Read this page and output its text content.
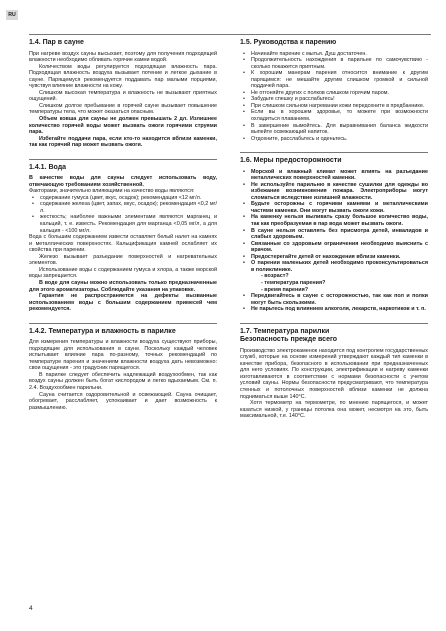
RU
1.4. Пар в сауне

При нагреве воздух сауны высыхает, поэтому для получения подходящей влажности необходимо обливать горячие камни водой.

Количеством воды регулируется подходящая влажность пара. Подходящая влажность воздуха вызывает потение и легкое дыхание в сауне. Парящемуся рекомендуется поддавать пар малыми порциями, чувствуя влияние влажности на кожу.

Слишком высокая температура и влажность не вызывают приятных ощущений.

Слишком долгое пребывание в горячей сауне вызывает повышение температуры тела, что может оказаться опасным.

Объем ковша для сауны не должен превышать 2 дл. Излишнее количество горячей воды может вызвать ожоги горячими струями пара.

Избегайте поддачи пара, если кто-то находится вблизи каменки, так как горячий пар может вызвать ожоги.

1.4.1. Вода

В качестве воды для сауны следует использовать воду, отвечающую требованиям хозяйственной.

Факторами, значительно влияющими на качество воды являются:

• содержание гумуса (цвет, вкус, осадок); рекомендация <12 мг/л.
• содержание железа (цвет, запах, вкус, осадок); рекомендация <0,2 мг/л.
• жесткость; наиболее важными элементами являются марганец и кальций, т. е. известь. Рекомендация для марганца <0,05 мг/л, а для кальция - <100 мг/л.

Вода с большим содержанием извести оставляет белый налет на камнях и металлических поверхностях. Кальцификация камней ослабляет их свойства при парении.

Железо вызывает разъедание поверхностей и нагревательных элементов.

Использование воды с содержанием гумуса и хлора, а также морской воды запрещается.

В воде для сауны можно использовать только предназначенные для этого ароматизаторы. Соблюдайте указания на упаковке.

Гарантия не распространяется на дефекты вызванные использованием воды с большим содержанием примесей чем рекомендуется.

1.4.2. Температура и влажность в парилке

Для измерения температуры и влажности воздуха существуют приборы, подходящие для использования в сауне. Поскольку каждый человек испытывает влияние пара по-разному, точных рекомендаций по температуре парения и значениям влажности воздуха дать невозможно: свои ощущения - это градусник парящегося.

В парилке следует обеспечить надлежащий воздухообмен, так как воздух сауны должен быть богат кислородом и легко вдыхаемым. См. п. 2.4. Воздухообмен парильни.

Сауна считается оздоровительной и освежающей. Сауна очищает, обогревает, расслабляет, успокаивает и дает возможность к размышлению.

1.5. Руководства к парению
• Начинайте парение с мытья. Душ достаточен.
• Продолжительность нахождения в парильне по самочувствию - сколько покажется приятным.
• К хорошим манерам парения относится внимание к другим парящимся: не мешайте другим слишком громкой и сильной поддачей пара.
• Не отгоняйте других с полков слишком горячим паром.
• Забудьте спешку и расслабьтесь!
• При слишком сильном нагревании кожи передохните в предбаннике.
• Если вы в хорошем здоровье, то можете при возможности охладиться плаванием.
• В завершение вымойтесь. Для выравнивания баланса жидкости выпейте освежающий напиток.
• Отдохните, расслабьтесь и оденьтесь.
1.6. Меры предосторожности
• Морской и влажный климат может влиять на разъедание металлических поверхностей каменки.
• Не используйте парильню в качестве сушилки для одежды во избежание возникновения пожара. Электроприборы могут сломаться вследствие излишней влажности.
• Будьте осторожны с горячими камнями и металлическими частями каменки. Они могут вызвать ожоги кожи.
• На каменку нельзя выливать сразу большое количество воды, так как преобразуемая в пар вода может вызвать ожоги.
• В сауне нельзя оставлять без присмотра детей, инвалидов и слабых здоровьем.
• Связанные со здоровьем ограничения необходимо выяснить с врачом.
• Предостерегайте детей от нахождения вблизи каменки.
• О парении маленьких детей необходимо проконсультироваться в поликлинике.
- возраст?
- температура парения?
- время парения?
• Передвигайтесь в сауне с осторожностью, так как пол и полки могут быть скользкими.
• Не парьтесь под влиянием алкоголя, лекарств, наркотиков и т. п.
1.7. Температура парилки
Безопасность прежде всего

Производство электрокаменок находится под контролем государственных служб, которые на основе измерений утверждают каждый тип каменки в качестве прибора, безопасного в использовании при предназначенных для него условиях. По конструкции, электрификации и нагреву каменки изготавливаются в соответствии с нормами безопасности с учетом условий сауны. Нормы безопасности предусматривают, что температура стенных и потолочных поверхностей вблизи каменки не должна подниматься выше 140°С.

Хотя термометр на термометре, по мнению парящегося, и может казаться низкой, у границы потолка она может, несмотря на это, быть максимальной, т.е. 140°С.

4
